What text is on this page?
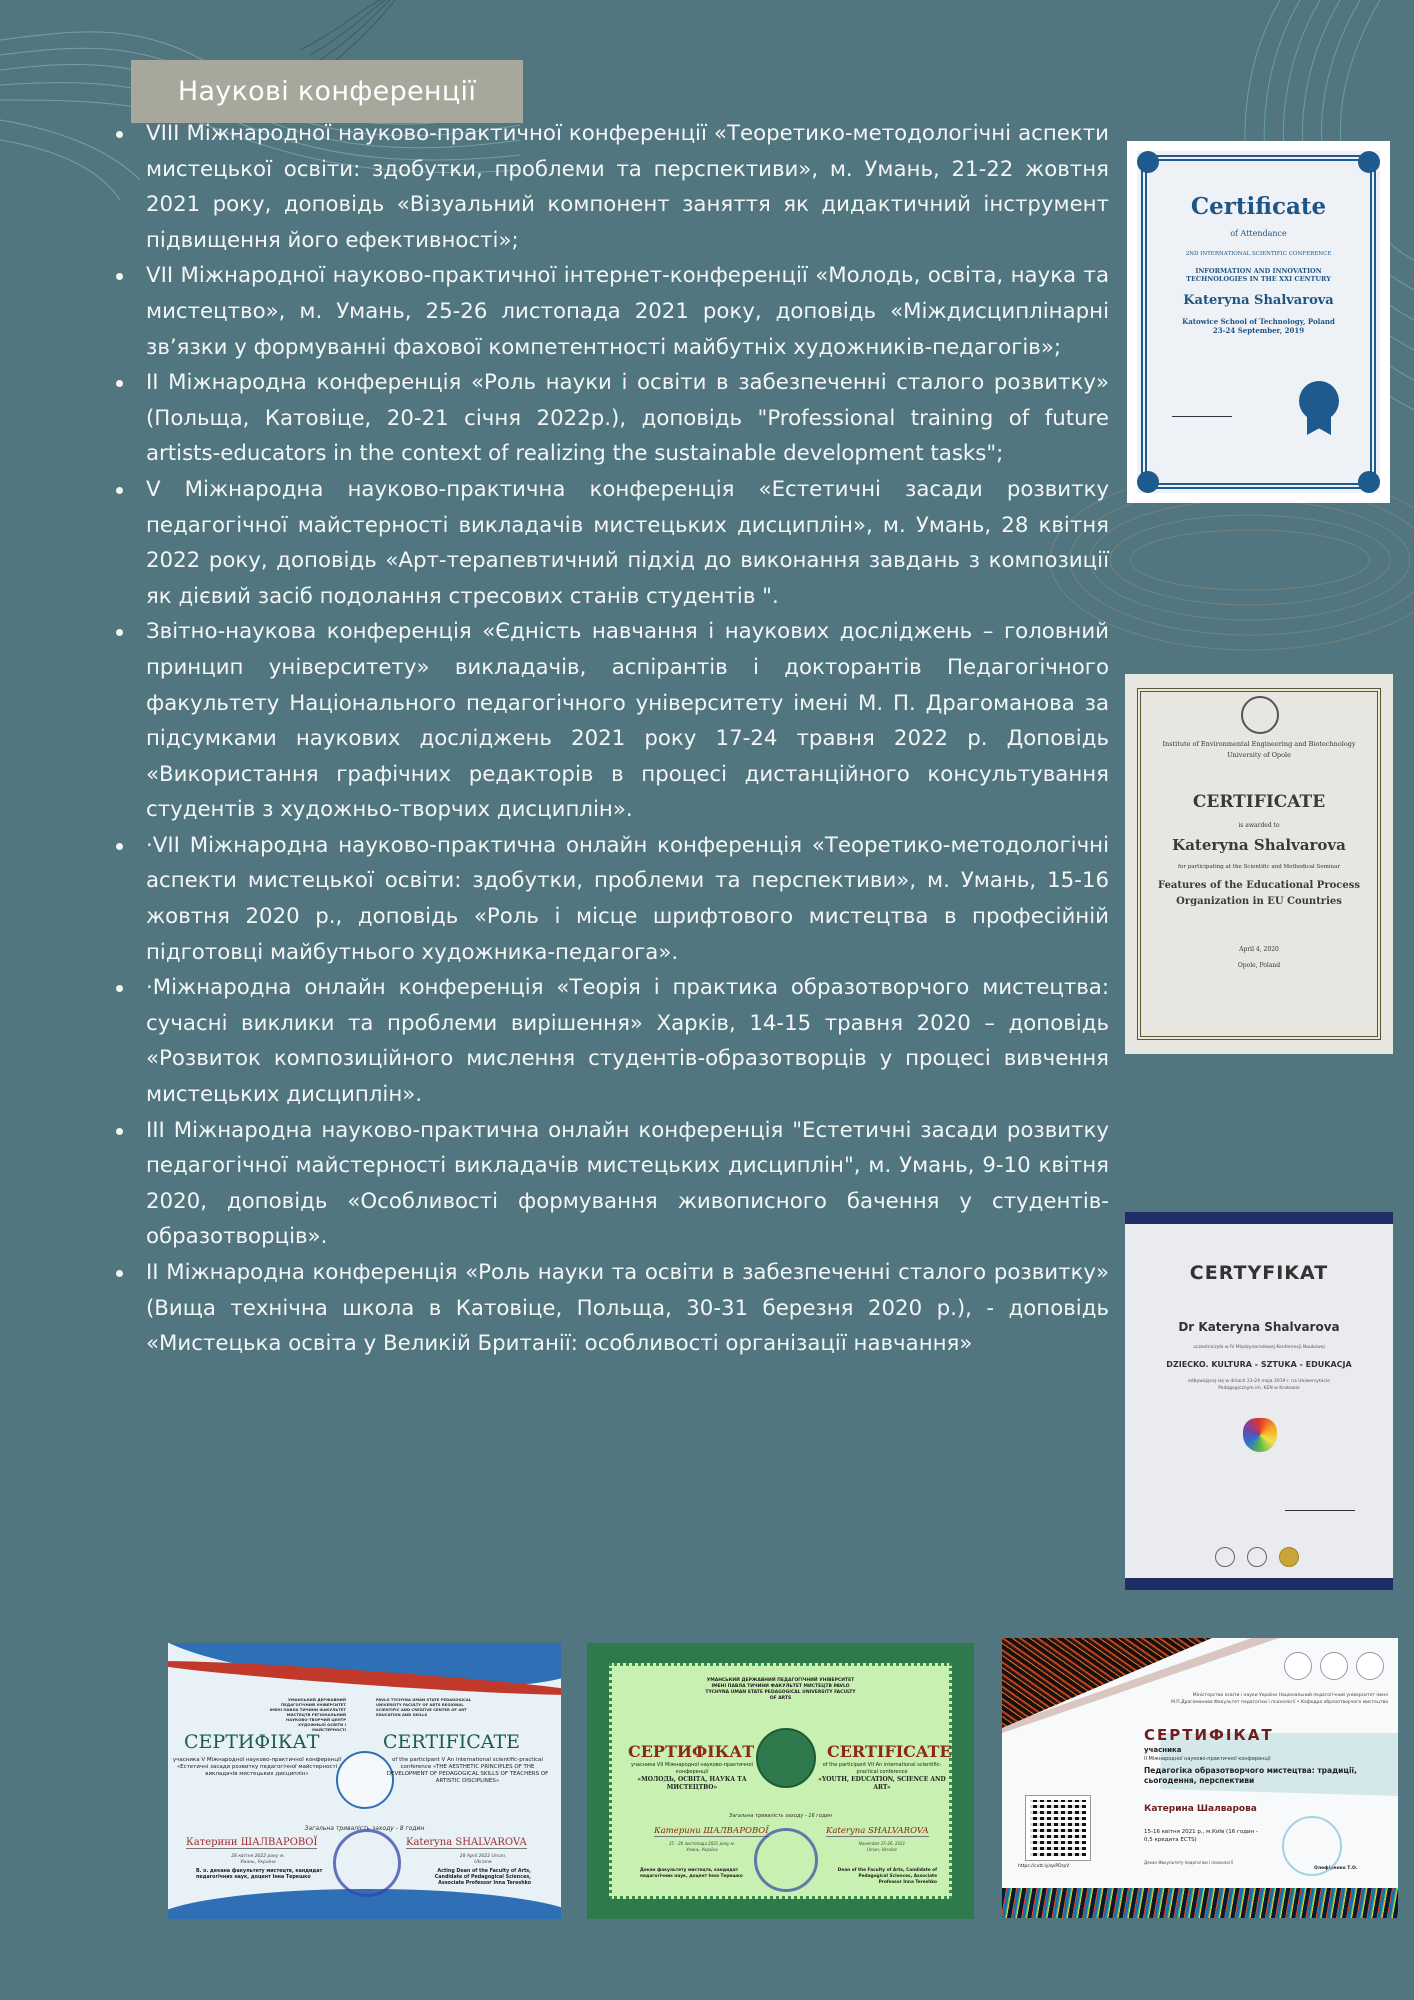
Наукові конференції
VIII Міжнародної науково-практичної конференції «Теоретико-методологічні аспекти мистецької освіти: здобутки, проблеми та перспективи», м. Умань, 21-22 жовтня 2021 року, доповідь «Візуальний компонент заняття як дидактичний інструмент підвищення його ефективності»;
VII Міжнародної науково-практичної інтернет-конференції «Молодь, освіта, наука та мистецтво», м. Умань, 25-26 листопада 2021 року, доповідь «Міждисциплінарні зв’язки у формуванні фахової компетентності майбутніх художників-педагогів»;
II Міжнародна конференція «Роль науки і освіти в забезпеченні сталого розвитку» (Польща, Катовіце, 20-21 січня 2022р.), доповідь "Professional training of future artists-educators in the context of realizing the sustainable development tasks";
V Міжнародна науково-практична конференція «Естетичні засади розвитку педагогічної майстерності викладачів мистецьких дисциплін», м. Умань, 28 квітня 2022 року, доповідь «Арт-терапевтичний підхід до виконання завдань з композиції як дієвий засіб подолання стресових станів студентів ".
Звітно-наукова конференція «Єдність навчання і наукових досліджень – головний принцип університету» викладачів, аспірантів і докторантів Педагогічного факультету Національного педагогічного університету імені М. П. Драгоманова за підсумками наукових досліджень 2021 року 17-24 травня 2022 р. Доповідь «Використання графічних редакторів в процесі дистанційного консультування студентів з художньо-творчих дисциплін».
·VII Міжнародна науково-практична онлайн конференція «Теоретико-методологічні аспекти мистецької освіти: здобутки, проблеми та перспективи», м. Умань, 15-16 жовтня 2020 р., доповідь «Роль і місце шрифтового мистецтва в професійній підготовці майбутнього художника-педагога».
·Міжнародна онлайн конференція «Теорія і практика образотворчого мистецтва: сучасні виклики та проблеми вирішення» Харків, 14-15 травня 2020 – доповідь «Розвиток композиційного мислення студентів-образотворців у процесі вивчення мистецьких дисциплін».
III Міжнародна науково-практична онлайн конференція "Естетичні засади розвитку педагогічної майстерності викладачів мистецьких дисциплін", м. Умань, 9-10 квітня 2020, доповідь «Особливості формування живописного бачення у студентів-образотворців».
II Міжнародна конференція «Роль науки та освіти в забезпеченні сталого розвитку» (Вища технічна школа в Катовіце, Польща, 30-31 березня 2020 р.), - доповідь «Мистецька освіта у Великій Британії: особливості організації навчання»
Certificate
of Attendance
2ND INTERNATIONAL SCIENTIFIC CONFERENCE
INFORMATION AND INNOVATION TECHNOLOGIES IN THE XXI CENTURY
Kateryna Shalvarova
Katowice School of Technology, Poland
23-24 September, 2019
Institute of Environmental Engineering and Biotechnology University of Opole
CERTIFICATE
is awarded to
Kateryna Shalvarova
for participating at the Scientific and Methodical Seminar
Features of the Educational Process Organization in EU Countries
April 4, 2020
Opole, Poland
CERTYFIKAT
Dr Kateryna Shalvarova
uczestniczyła w IV Międzynarodowej Konferencji Naukowej
DZIECKO. KULTURA - SZTUKA - EDUKACJA
odbywającej się w dniach 23-24 maja 2019 r. na Uniwersytecie Pedagogicznym im. KEN w Krakowie
УМАНСЬКИЙ ДЕРЖАВНИЙ ПЕДАГОГІЧНИЙ УНІВЕРСИТЕТ ІМЕНІ ПАВЛА ТИЧИНИ ФАКУЛЬТЕТ МИСТЕЦТВ РЕГІОНАЛЬНИЙ НАУКОВО-ТВОРЧИЙ ЦЕНТР ХУДОЖНЬОЇ ОСВІТИ І МАЙСТЕРНОСТІ
PAVLO TYCHYNA UMAN STATE PEDAGOGICAL UNIVERSITY FACULTY OF ARTS REGIONAL SCIENTIFIC AND CREATIVE CENTER OF ART EDUCATION AND SKILLS
СЕРТИФІКАТ	CERTIFICATE
учасника V Міжнародної науково-практичної конференції «Естетичні засади розвитку педагогічної майстерності викладачів мистецьких дисциплін»
of the participant V An international scientific-practical conference «THE AESTHETIC PRINCIPLES OF THE DEVELOPMENT OF PEDAGOGICAL SKILLS OF TEACHERS OF ARTISTIC DISCIPLINES»
Загальна тривалість заходу - 8 годин
Катерини ШАЛВАРОВОЇ	Kateryna SHALVAROVA
28 квітня 2022 року м. Умань, Україна
28 April 2022 Uman, Ukraine
В. о. декана факультету мистецтв, кандидат педагогічних наук, доцент Інна Терешко
Acting Dean of the Faculty of Arts, Candidate of Pedagogical Sciences, Associate Professor Inna Tereshko
УМАНСЬКИЙ ДЕРЖАВНИЙ ПЕДАГОГІЧНИЙ УНІВЕРСИТЕТ ІМЕНІ ПАВЛА ТИЧИНИ ФАКУЛЬТЕТ МИСТЕЦТВ PAVLO TYCHYNA UMAN STATE PEDAGOGICAL UNIVERSITY FACULTY OF ARTS
СЕРТИФІКАТ	CERTIFICATE
учасника VII Міжнародної науково-практичної конференції
«МОЛОДЬ, ОСВІТА, НАУКА ТА МИСТЕЦТВО»
of the participant VII An international scientific-practical conference
«YOUTH, EDUCATION, SCIENCE AND ART»
Загальна тривалість заходу - 16 годин
Катерини ШАЛВАРОВОЇ	Kateryna SHALVAROVA
25 - 26 листопада 2021 року м. Умань, Україна
November 25-26, 2021 Uman, Ukraine
Декан факультету мистецтв, кандидат педагогічних наук, доцент Інна Терешко
Dean of the Faculty of Arts, Candidate of Pedagogical Sciences, Associate Professor Inna Tereshko
Міністерство освіти і науки України Національний педагогічний університет імені М.П.Драгоманова Факультет педагогіки і психології • Кафедра образотворчого мистецтва
СЕРТИФІКАТ
учасника
II Міжнародної науково-практичної конференції
Педагогіка образотворчого мистецтва: традиції, сьогодення, перспективи
Катерина Шалварова
15-16 квітня 2021 р., м.Київ (16 годин - 0,5 кредита ECTS)
Декан Факультету педагогіки і психології
Олефіренко Т.О.
https://cutt.ly/qvPDrpV
